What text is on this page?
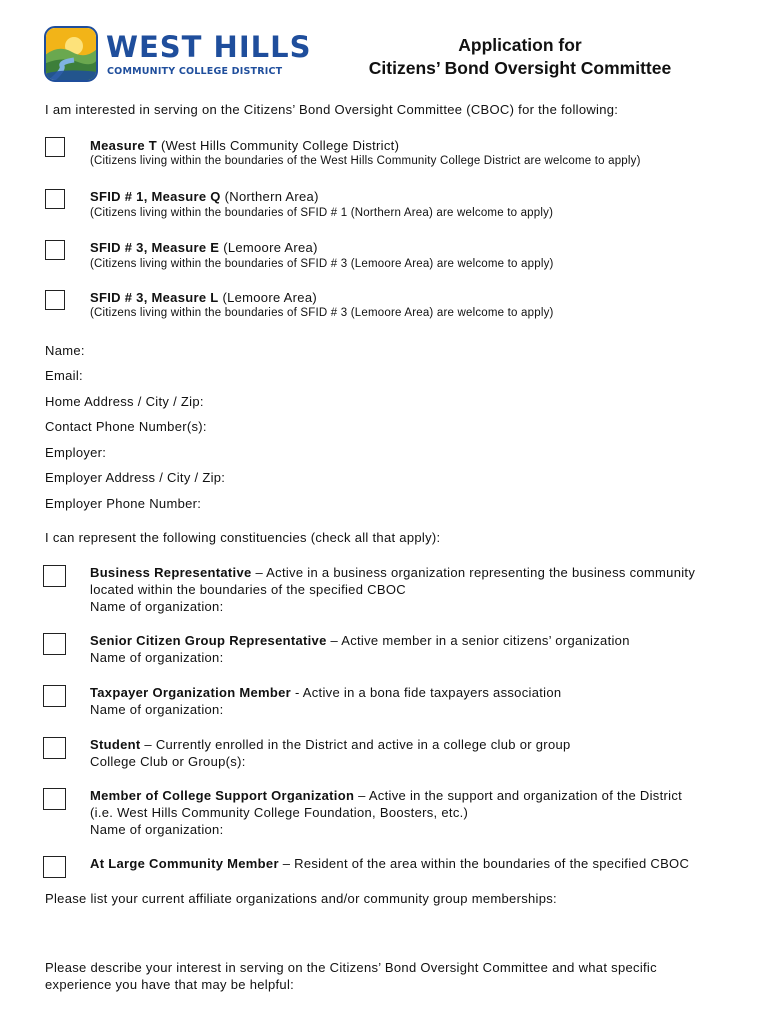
WEST HILLS
COMMUNITY COLLEGE DISTRICT
Application for
Citizens’ Bond Oversight Committee
I am interested in serving on the Citizens’ Bond Oversight Committee (CBOC) for the following:
Measure T (West Hills Community College District)
(Citizens living within the boundaries of the West Hills Community College District are welcome to apply)
SFID # 1, Measure Q (Northern Area)
(Citizens living within the boundaries of SFID # 1 (Northern Area) are welcome to apply)
SFID # 3, Measure E (Lemoore Area)
(Citizens living within the boundaries of SFID # 3 (Lemoore Area) are welcome to apply)
SFID # 3, Measure L (Lemoore Area)
(Citizens living within the boundaries of SFID # 3 (Lemoore Area) are welcome to apply)
Name:
Email:
Home Address / City / Zip:
Contact Phone Number(s):
Employer:
Employer Address / City / Zip:
Employer Phone Number:
I can represent the following constituencies (check all that apply):
Business Representative – Active in a business organization representing the business community
located within the boundaries of the specified CBOC
Name of organization:
Senior Citizen Group Representative – Active member in a senior citizens’ organization
Name of organization:
Taxpayer Organization Member - Active in a bona fide taxpayers association
Name of organization:
Student – Currently enrolled in the District and active in a college club or group
College Club or Group(s):
Member of College Support Organization – Active in the support and organization of the District
(i.e. West Hills Community College Foundation, Boosters, etc.)
Name of organization:
At Large Community Member – Resident of the area within the boundaries of the specified CBOC
Please list your current affiliate organizations and/or community group memberships:
Please describe your interest in serving on the Citizens’ Bond Oversight Committee and what specific
experience you have that may be helpful:
